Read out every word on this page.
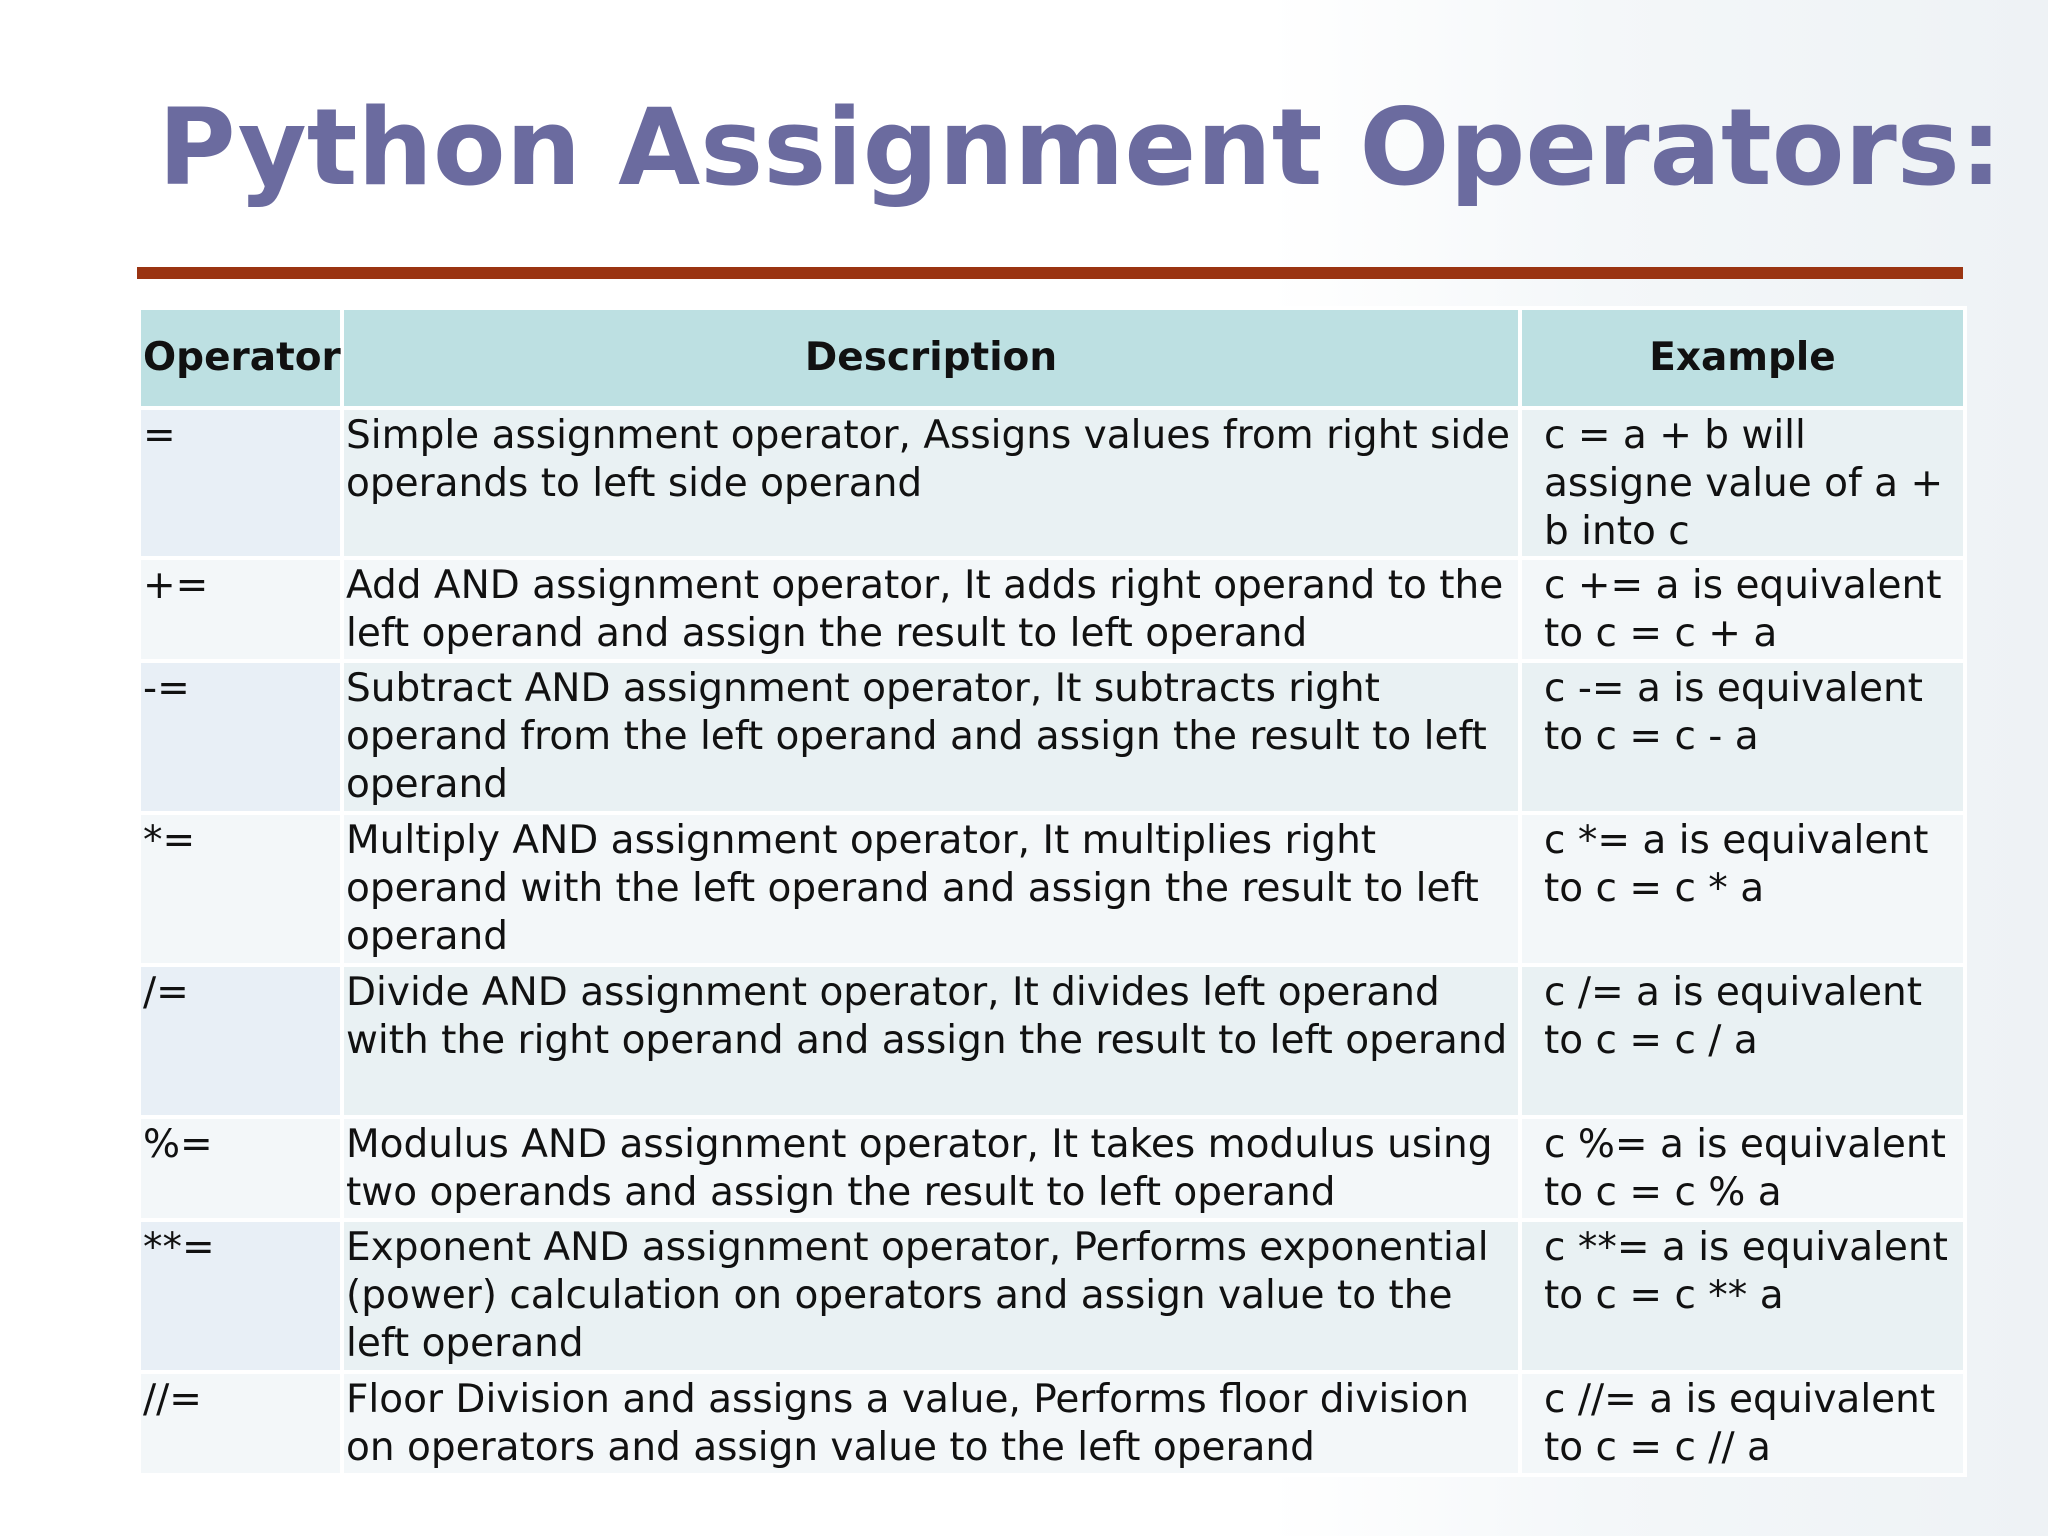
Python Assignment Operators:
Operator	Description	Example
=	Simple assignment operator, Assigns values from right side operands to left side operand	c = a + b will assigne value of a + b into c
+=	Add AND assignment operator, It adds right operand to the left operand and assign the result to left operand	c += a is equivalent to c = c + a
-=	Subtract AND assignment operator, It subtracts right operand from the left operand and assign the result to left operand	c -= a is equivalent to c = c - a
*=	Multiply AND assignment operator, It multiplies right operand with the left operand and assign the result to left operand	c *= a is equivalent to c = c * a
/=	Divide AND assignment operator, It divides left operand with the right operand and assign the result to left operand	c /= a is equivalent to c = c / a
%=	Modulus AND assignment operator, It takes modulus using two operands and assign the result to left operand	c %= a is equivalent to c = c % a
**=	Exponent AND assignment operator, Performs exponential (power) calculation on operators and assign value to the left operand	c **= a is equivalent to c = c ** a
//=	Floor Division and assigns a value, Performs floor division on operators and assign value to the left operand	c //= a is equivalent to c = c // a
